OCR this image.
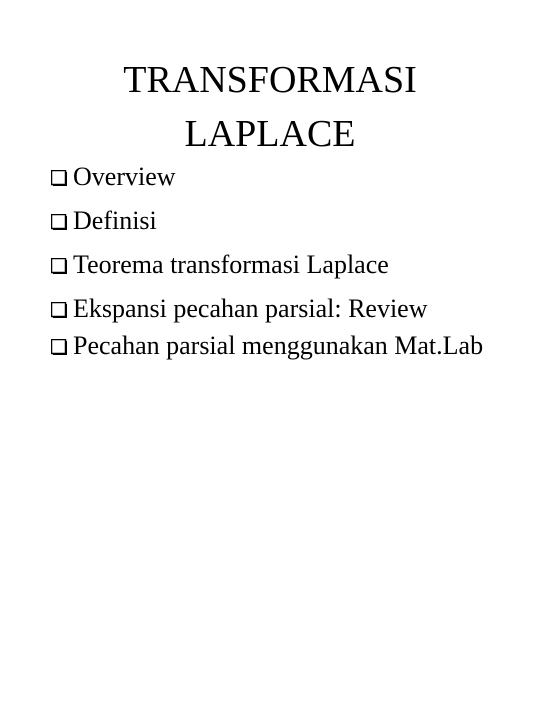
TRANSFORMASI
LAPLACE
Overview
Definisi
Teorema transformasi Laplace
Ekspansi pecahan parsial: Review
Pecahan parsial menggunakan Mat.Lab
